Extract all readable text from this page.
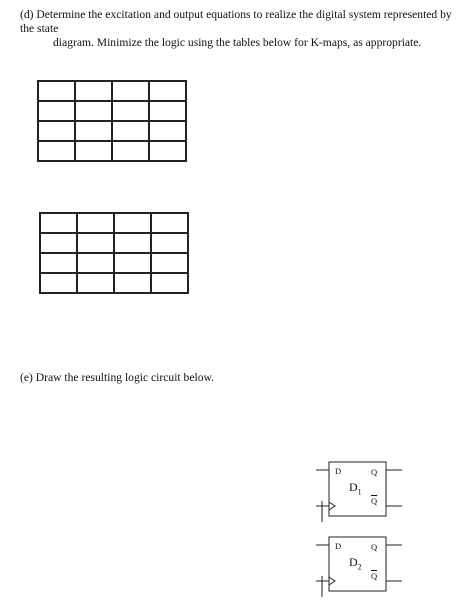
(d) Determine the excitation and output equations to realize the digital system represented by the state
diagram. Minimize the logic using the tables below for K-maps, as appropriate.

(e) Draw the resulting logic circuit below.
D	Q
$\overline{Q}$
$D_1$
D	Q
$\overline{Q}$
$D_2$
